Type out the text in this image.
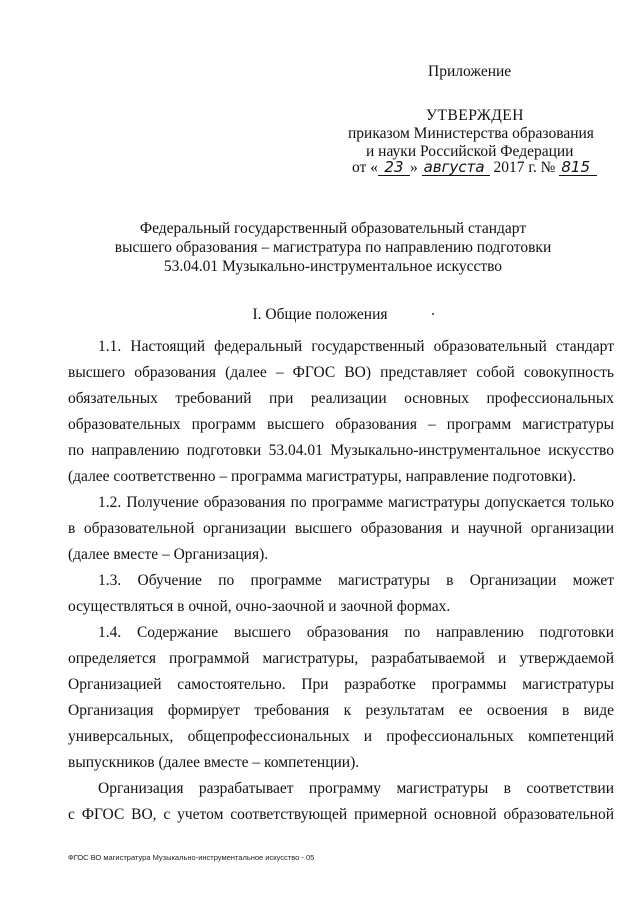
Приложение
УТВЕРЖДЕН
приказом Министерства образования
и науки Российской Федерации
от « 23 » августа 2017 г. № 815
Федеральный государственный образовательный стандарт
высшего образования – магистратура по направлению подготовки
53.04.01 Музыкально-инструментальное искусство
I. Общие положения
1.1. Настоящий федеральный государственный образовательный стандарт
высшего образования (далее – ФГОС ВО) представляет собой совокупность
обязательных требований при реализации основных профессиональных
образовательных программ высшего образования – программ магистратуры
по направлению подготовки 53.04.01 Музыкально-инструментальное искусство
(далее соответственно – программа магистратуры, направление подготовки).
1.2. Получение образования по программе магистратуры допускается только
в образовательной организации высшего образования и научной организации
(далее вместе – Организация).
1.3. Обучение по программе магистратуры в Организации может
осуществляться в очной, очно-заочной и заочной формах.
1.4. Содержание высшего образования по направлению подготовки
определяется программой магистратуры, разрабатываемой и утверждаемой
Организацией самостоятельно. При разработке программы магистратуры
Организация формирует требования к результатам ее освоения в виде
универсальных, общепрофессиональных и профессиональных компетенций
выпускников (далее вместе – компетенции).
Организация разрабатывает программу магистратуры в соответствии
с ФГОС ВО, с учетом соответствующей примерной основной образовательной
ФГОС ВО магистратура Музыкально-инструментальное искусство - 05
